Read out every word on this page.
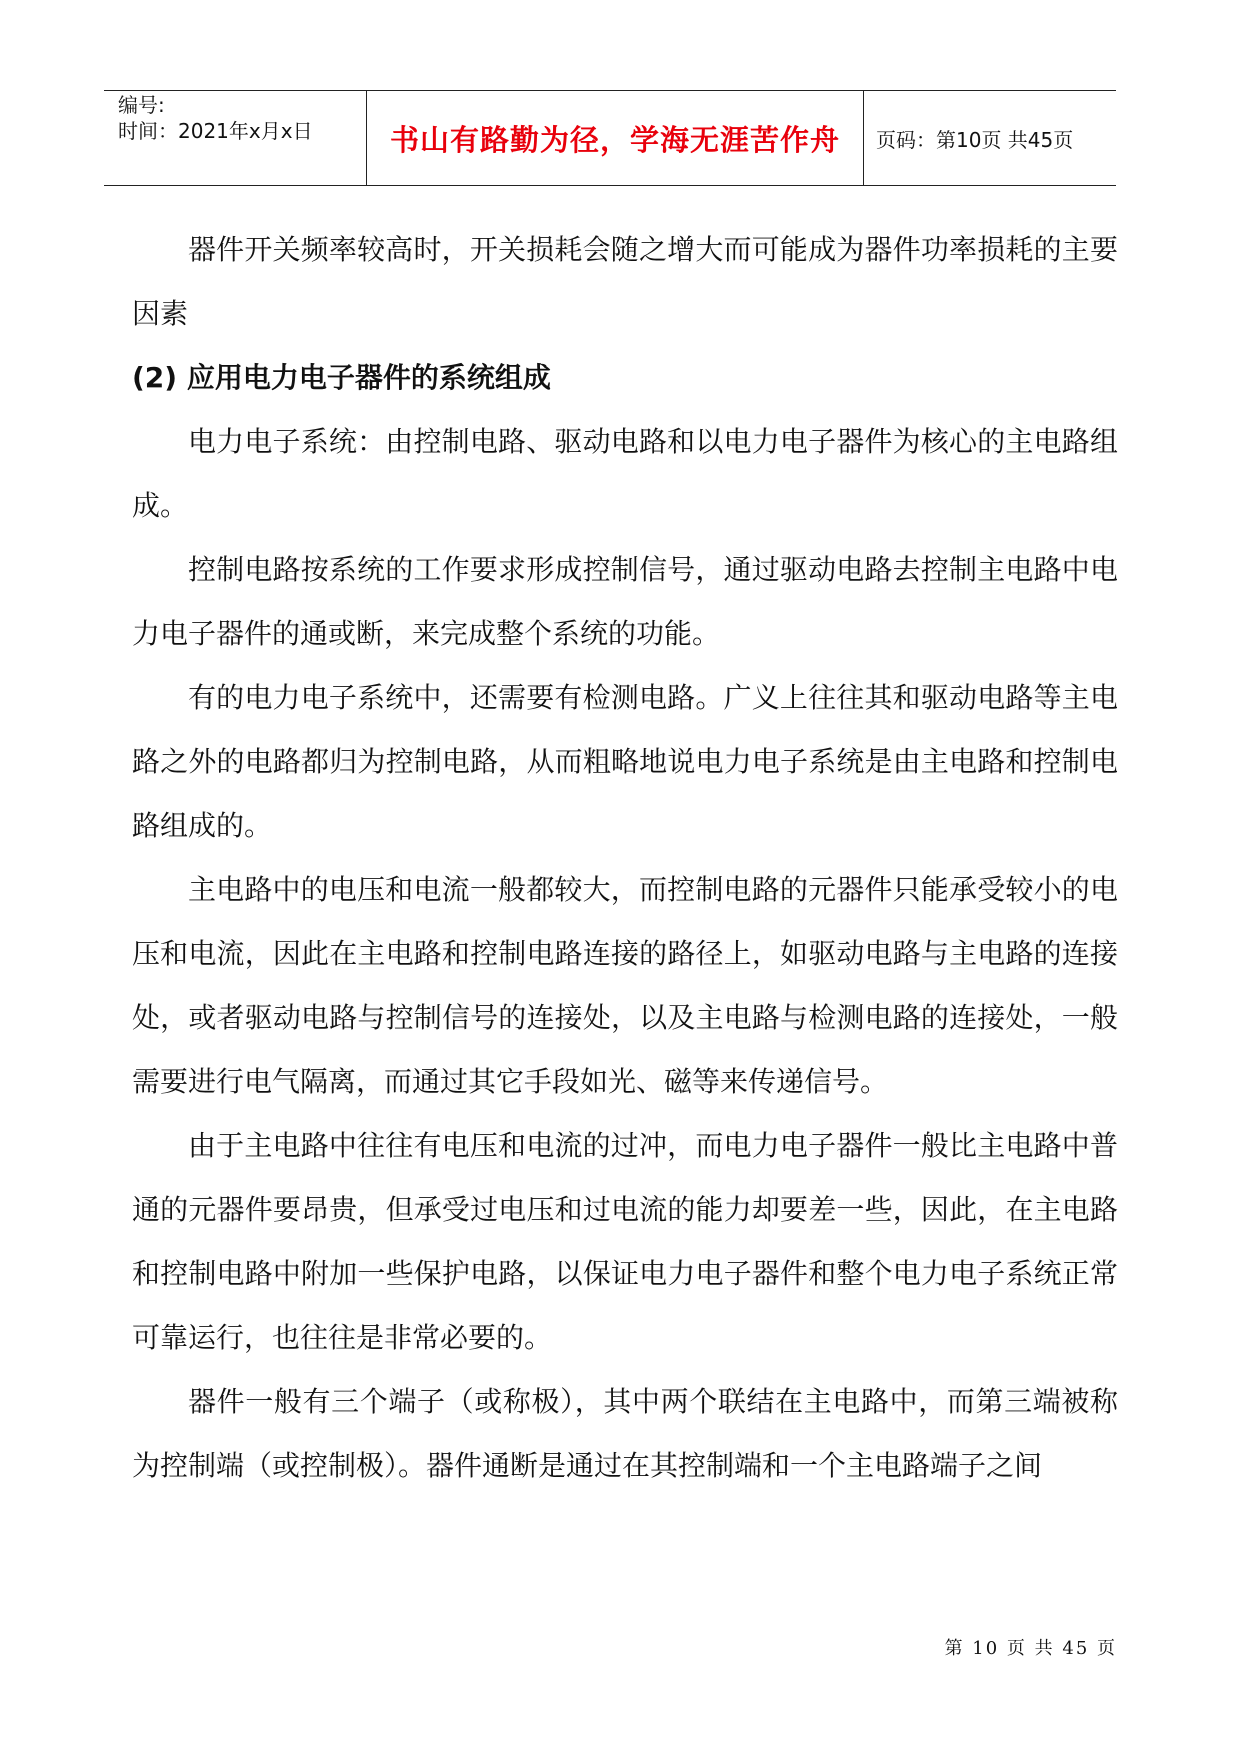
编号:
时间：2021年x月x日	书山有路勤为径，学海无涯苦作舟 页码：第10页 共45页

器件开关频率较高时，开关损耗会随之增大而可能成为器件功率损耗的主要因素

(2) 应用电力电子器件的系统组成

电力电子系统：由控制电路、驱动电路和以电力电子器件为核心的主电路组成。

控制电路按系统的工作要求形成控制信号，通过驱动电路去控制主电路中电力电子器件的通或断，来完成整个系统的功能。

有的电力电子系统中，还需要有检测电路。广义上往往其和驱动电路等主电路之外的电路都归为控制电路，从而粗略地说电力电子系统是由主电路和控制电路组成的。

主电路中的电压和电流一般都较大，而控制电路的元器件只能承受较小的电压和电流，因此在主电路和控制电路连接的路径上，如驱动电路与主电路的连接处，或者驱动电路与控制信号的连接处，以及主电路与检测电路的连接处，一般需要进行电气隔离，而通过其它手段如光、磁等来传递信号。

由于主电路中往往有电压和电流的过冲，而电力电子器件一般比主电路中普通的元器件要昂贵，但承受过电压和过电流的能力却要差一些，因此，在主电路和控制电路中附加一些保护电路，以保证电力电子器件和整个电力电子系统正常可靠运行，也往往是非常必要的。

器件一般有三个端子（或称极），其中两个联结在主电路中，而第三端被称为控制端（或控制极）。器件通断是通过在其控制端和一个主电路端子之间

第 10 页 共 45 页
